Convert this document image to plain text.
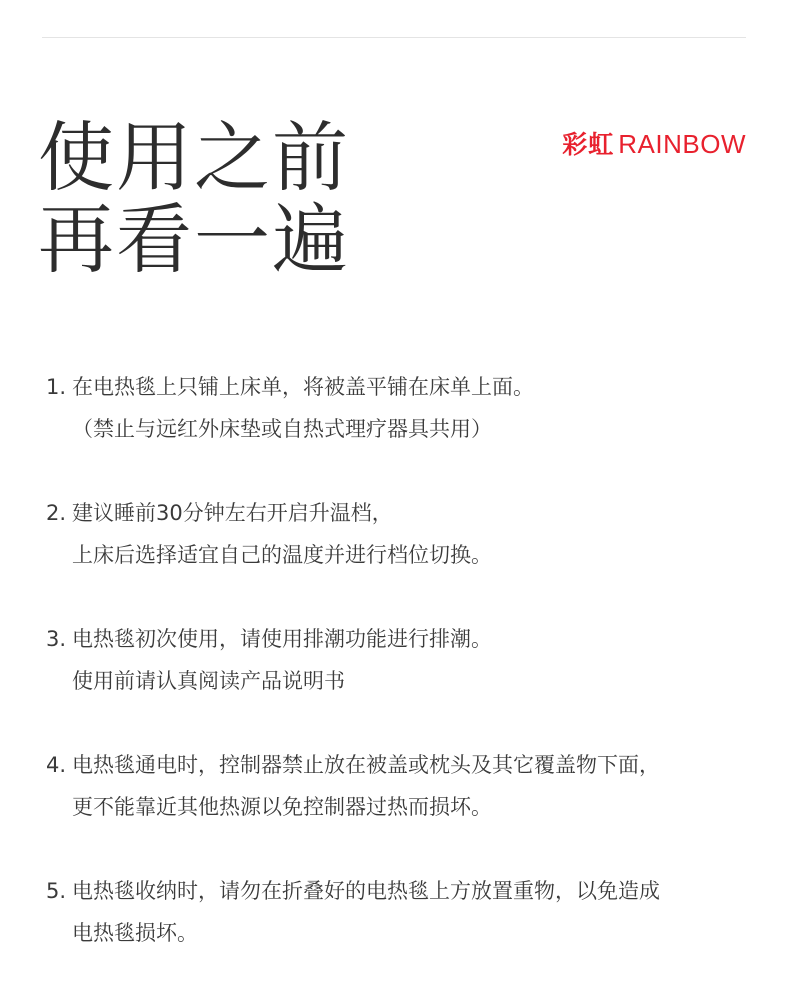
彩虹 RAINBOW
使用之前
再看一遍
1. 在电热毯上只铺上床单，将被盖平铺在床单上面。
（禁止与远红外床垫或自热式理疗器具共用）
2. 建议睡前30分钟左右开启升温档，
上床后选择适宜自己的温度并进行档位切换。
3. 电热毯初次使用，请使用排潮功能进行排潮。
使用前请认真阅读产品说明书
4. 电热毯通电时，控制器禁止放在被盖或枕头及其它覆盖物下面，
更不能靠近其他热源以免控制器过热而损坏。
5. 电热毯收纳时，请勿在折叠好的电热毯上方放置重物，以免造成
电热毯损坏。
